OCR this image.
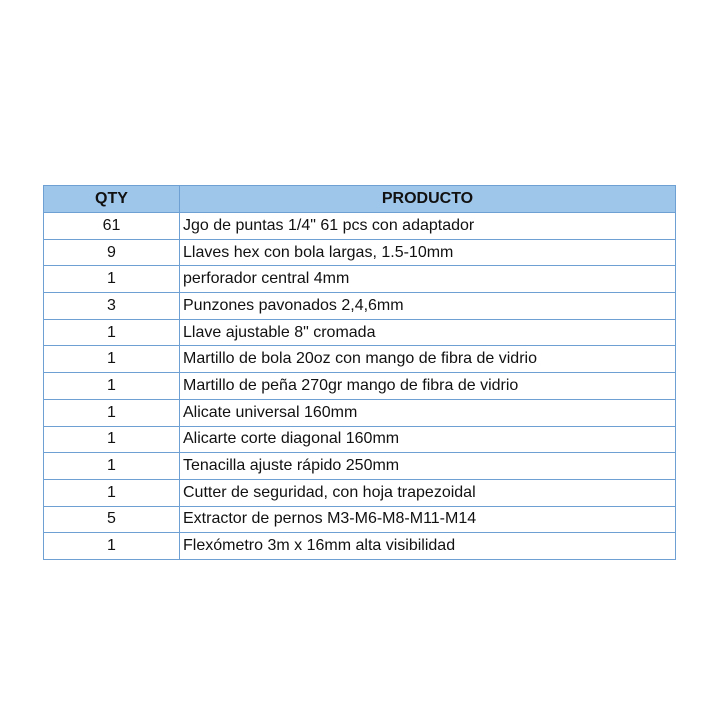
QTY	PRODUCTO
61	Jgo de puntas 1/4" 61 pcs con adaptador
9	Llaves hex con bola largas, 1.5-10mm
1	perforador central 4mm
3	Punzones pavonados 2,4,6mm
1	Llave ajustable 8" cromada
1	Martillo de bola 20oz con mango de fibra de vidrio
1	Martillo de peña 270gr mango de fibra de vidrio
1	Alicate universal 160mm
1	Alicarte corte diagonal 160mm
1	Tenacilla ajuste rápido 250mm
1	Cutter de seguridad, con hoja trapezoidal
5	Extractor de pernos M3-M6-M8-M11-M14
1	Flexómetro 3m x 16mm alta visibilidad
